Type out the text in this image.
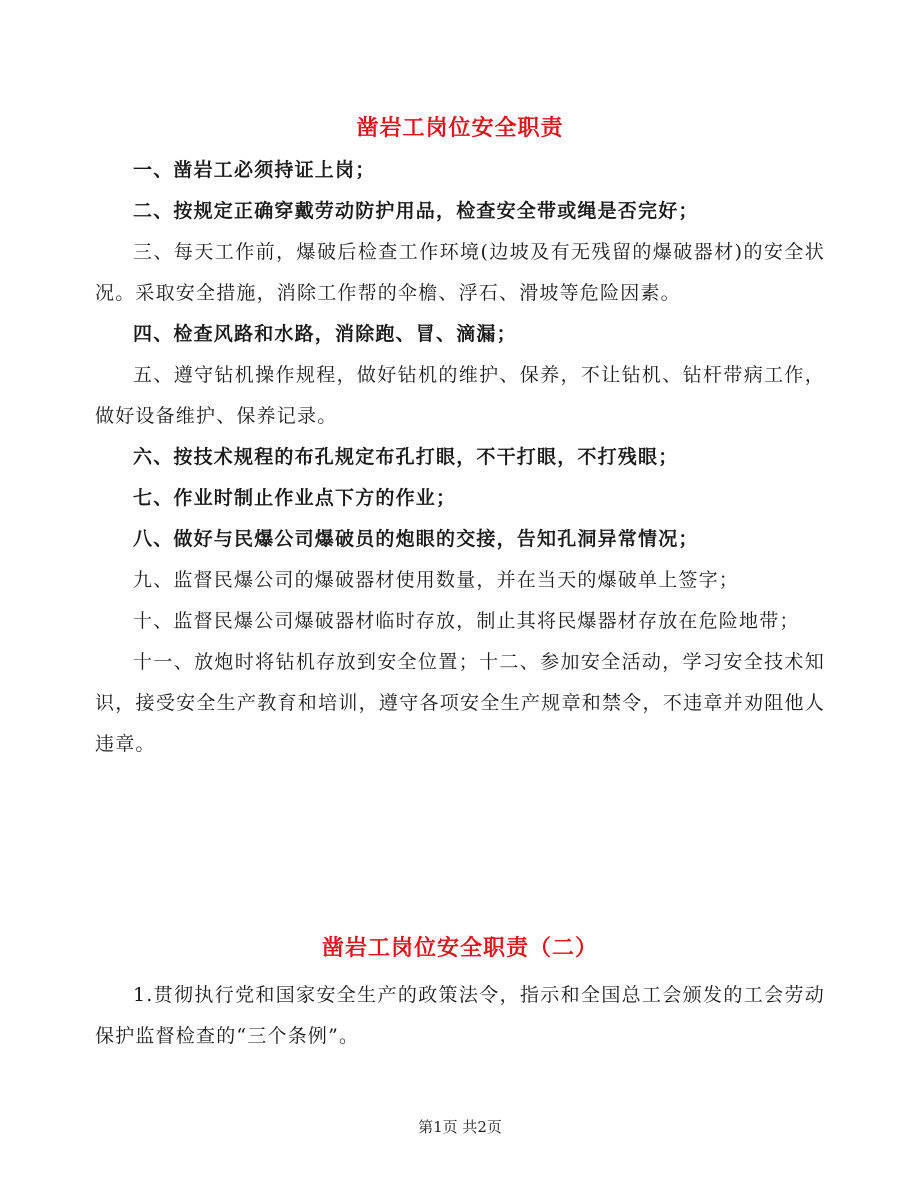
凿岩工岗位安全职责

一、凿岩工必须持证上岗；

二、按规定正确穿戴劳动防护用品，检查安全带或绳是否完好；

三、每天工作前，爆破后检查工作环境(边坡及有无残留的爆破器材)的安全状况。采取安全措施，消除工作帮的伞檐、浮石、滑坡等危险因素。

四、检查风路和水路，消除跑、冒、滴漏；

五、遵守钻机操作规程，做好钻机的维护、保养，不让钻机、钻杆带病工作，做好设备维护、保养记录。

六、按技术规程的布孔规定布孔打眼，不干打眼，不打残眼；

七、作业时制止作业点下方的作业；

八、做好与民爆公司爆破员的炮眼的交接，告知孔洞异常情况；

九、监督民爆公司的爆破器材使用数量，并在当天的爆破单上签字；

十、监督民爆公司爆破器材临时存放，制止其将民爆器材存放在危险地带；

十一、放炮时将钻机存放到安全位置；十二、参加安全活动，学习安全技术知识，接受安全生产教育和培训，遵守各项安全生产规章和禁令，不违章并劝阻他人违章。

凿岩工岗位安全职责（二）

1.贯彻执行党和国家安全生产的政策法令，指示和全国总工会颁发的工会劳动保护监督检查的“三个条例”。

第1页 共2页
